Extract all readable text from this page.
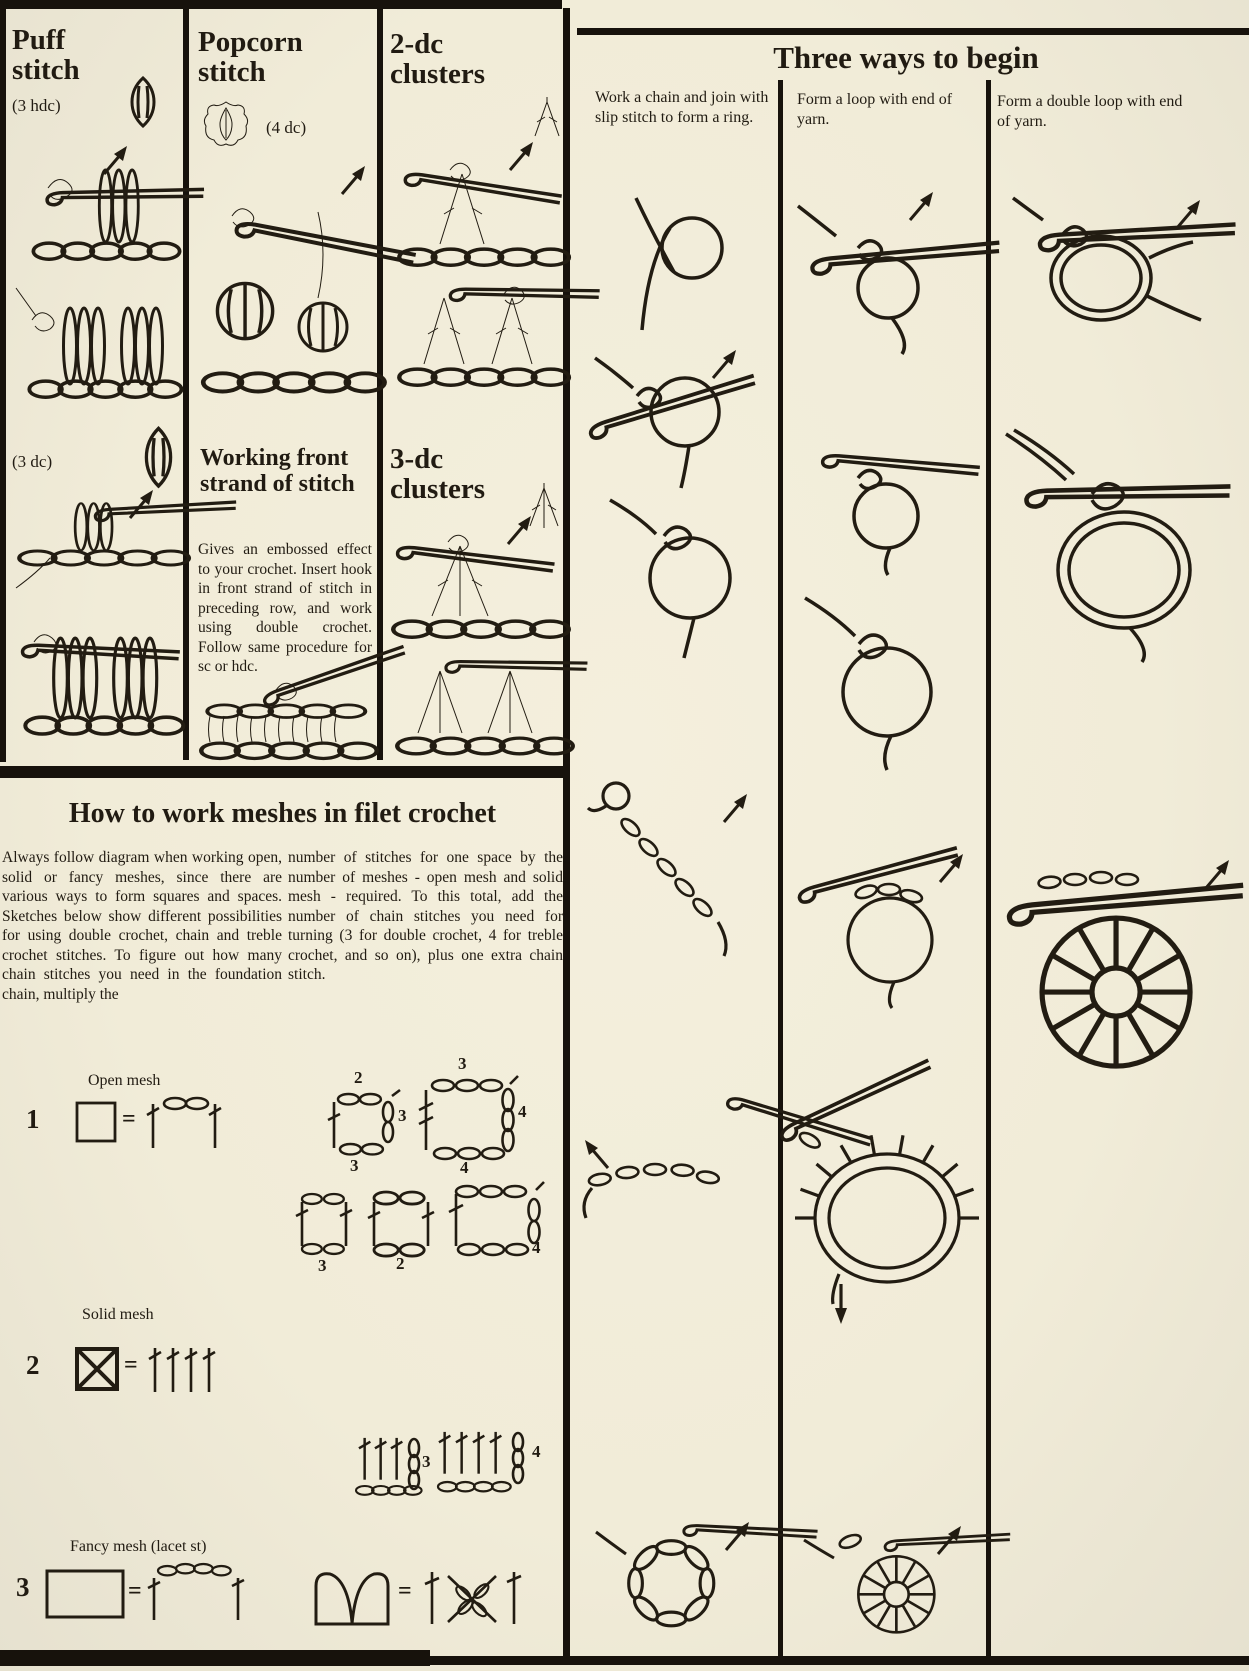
Puff stitch
(3 hdc)
(3 dc)
Popcorn stitch
(4 dc)
Working front strand of stitch
Gives an embossed effect to your crochet. Insert hook in front strand of stitch in preceding row, and work using double crochet. Follow same procedure for sc or hdc.
2-dc clusters
3-dc clusters
Three ways to begin
Work a chain and join with slip stitch to form a ring.
Form a loop with end of yarn.
Form a double loop with end of yarn.
How to work meshes in filet crochet
Always follow diagram when working open, solid or fancy meshes, since there are various ways to form squares and spaces. Sketches below show different possibilities for using double crochet, chain and treble crochet stitches. To figure out how many chain stitches you need in the foundation chain, multiply the
number of stitches for one space by the number of meshes - open mesh and solid mesh - required. To this total, add the number of chain stitches you need for turning (3 for double crochet, 4 for treble crochet, and so on), plus one extra chain stitch.
Open mesh
1	=
2
3
3
3
4
4
3	2
4
Solid mesh
2	=
3
4
Fancy mesh (lacet st)
3	=	=
